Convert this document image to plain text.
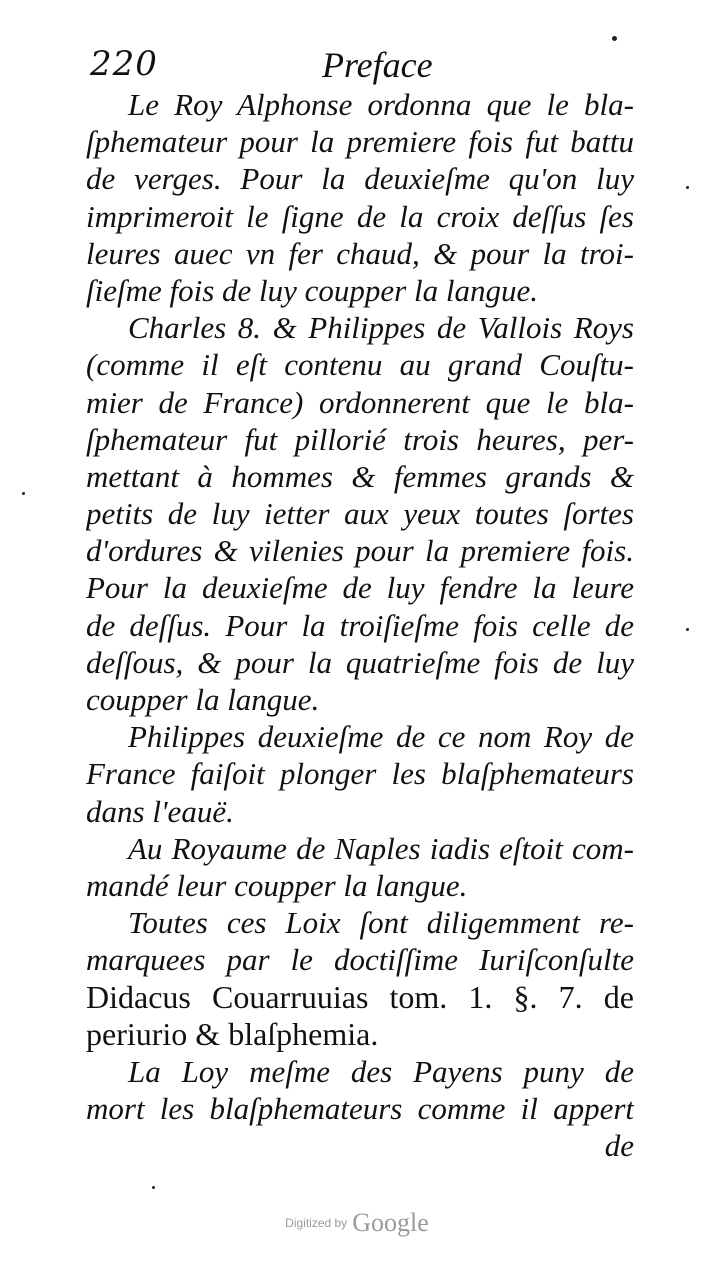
220	Preface
Le Roy Alphonse ordonna que le bla-
ſphemateur pour la premiere fois fut battu
de verges. Pour la deuxieſme qu'on luy
imprimeroit le ſigne de la croix deſſus ſes
leures auec vn fer chaud, & pour la troi-
ſieſme fois de luy coupper la langue.
Charles 8. & Philippes de Vallois Roys
(comme il eſt contenu au grand Couſtu-
mier de France) ordonnerent que le bla-
ſphemateur fut pillorié trois heures, per-
mettant à hommes & femmes grands &
petits de luy ietter aux yeux toutes ſortes
d'ordures & vilenies pour la premiere fois.
Pour la deuxieſme de luy fendre la leure
de deſſus. Pour la troiſieſme fois celle de
deſſous, & pour la quatrieſme fois de luy
coupper la langue.
Philippes deuxieſme de ce nom Roy de
France faiſoit plonger les blaſphemateurs
dans l'eauë.
Au Royaume de Naples iadis eſtoit com-
mandé leur coupper la langue.
Toutes ces Loix ſont diligemment re-
marquees par le doctiſſime Iuriſconſulte
Didacus Couarruuias tom. 1. §. 7. de
periurio & blaſphemia.
La Loy meſme des Payens puny de
mort les blaſphemateurs comme il appert
de
Digitized by Google
